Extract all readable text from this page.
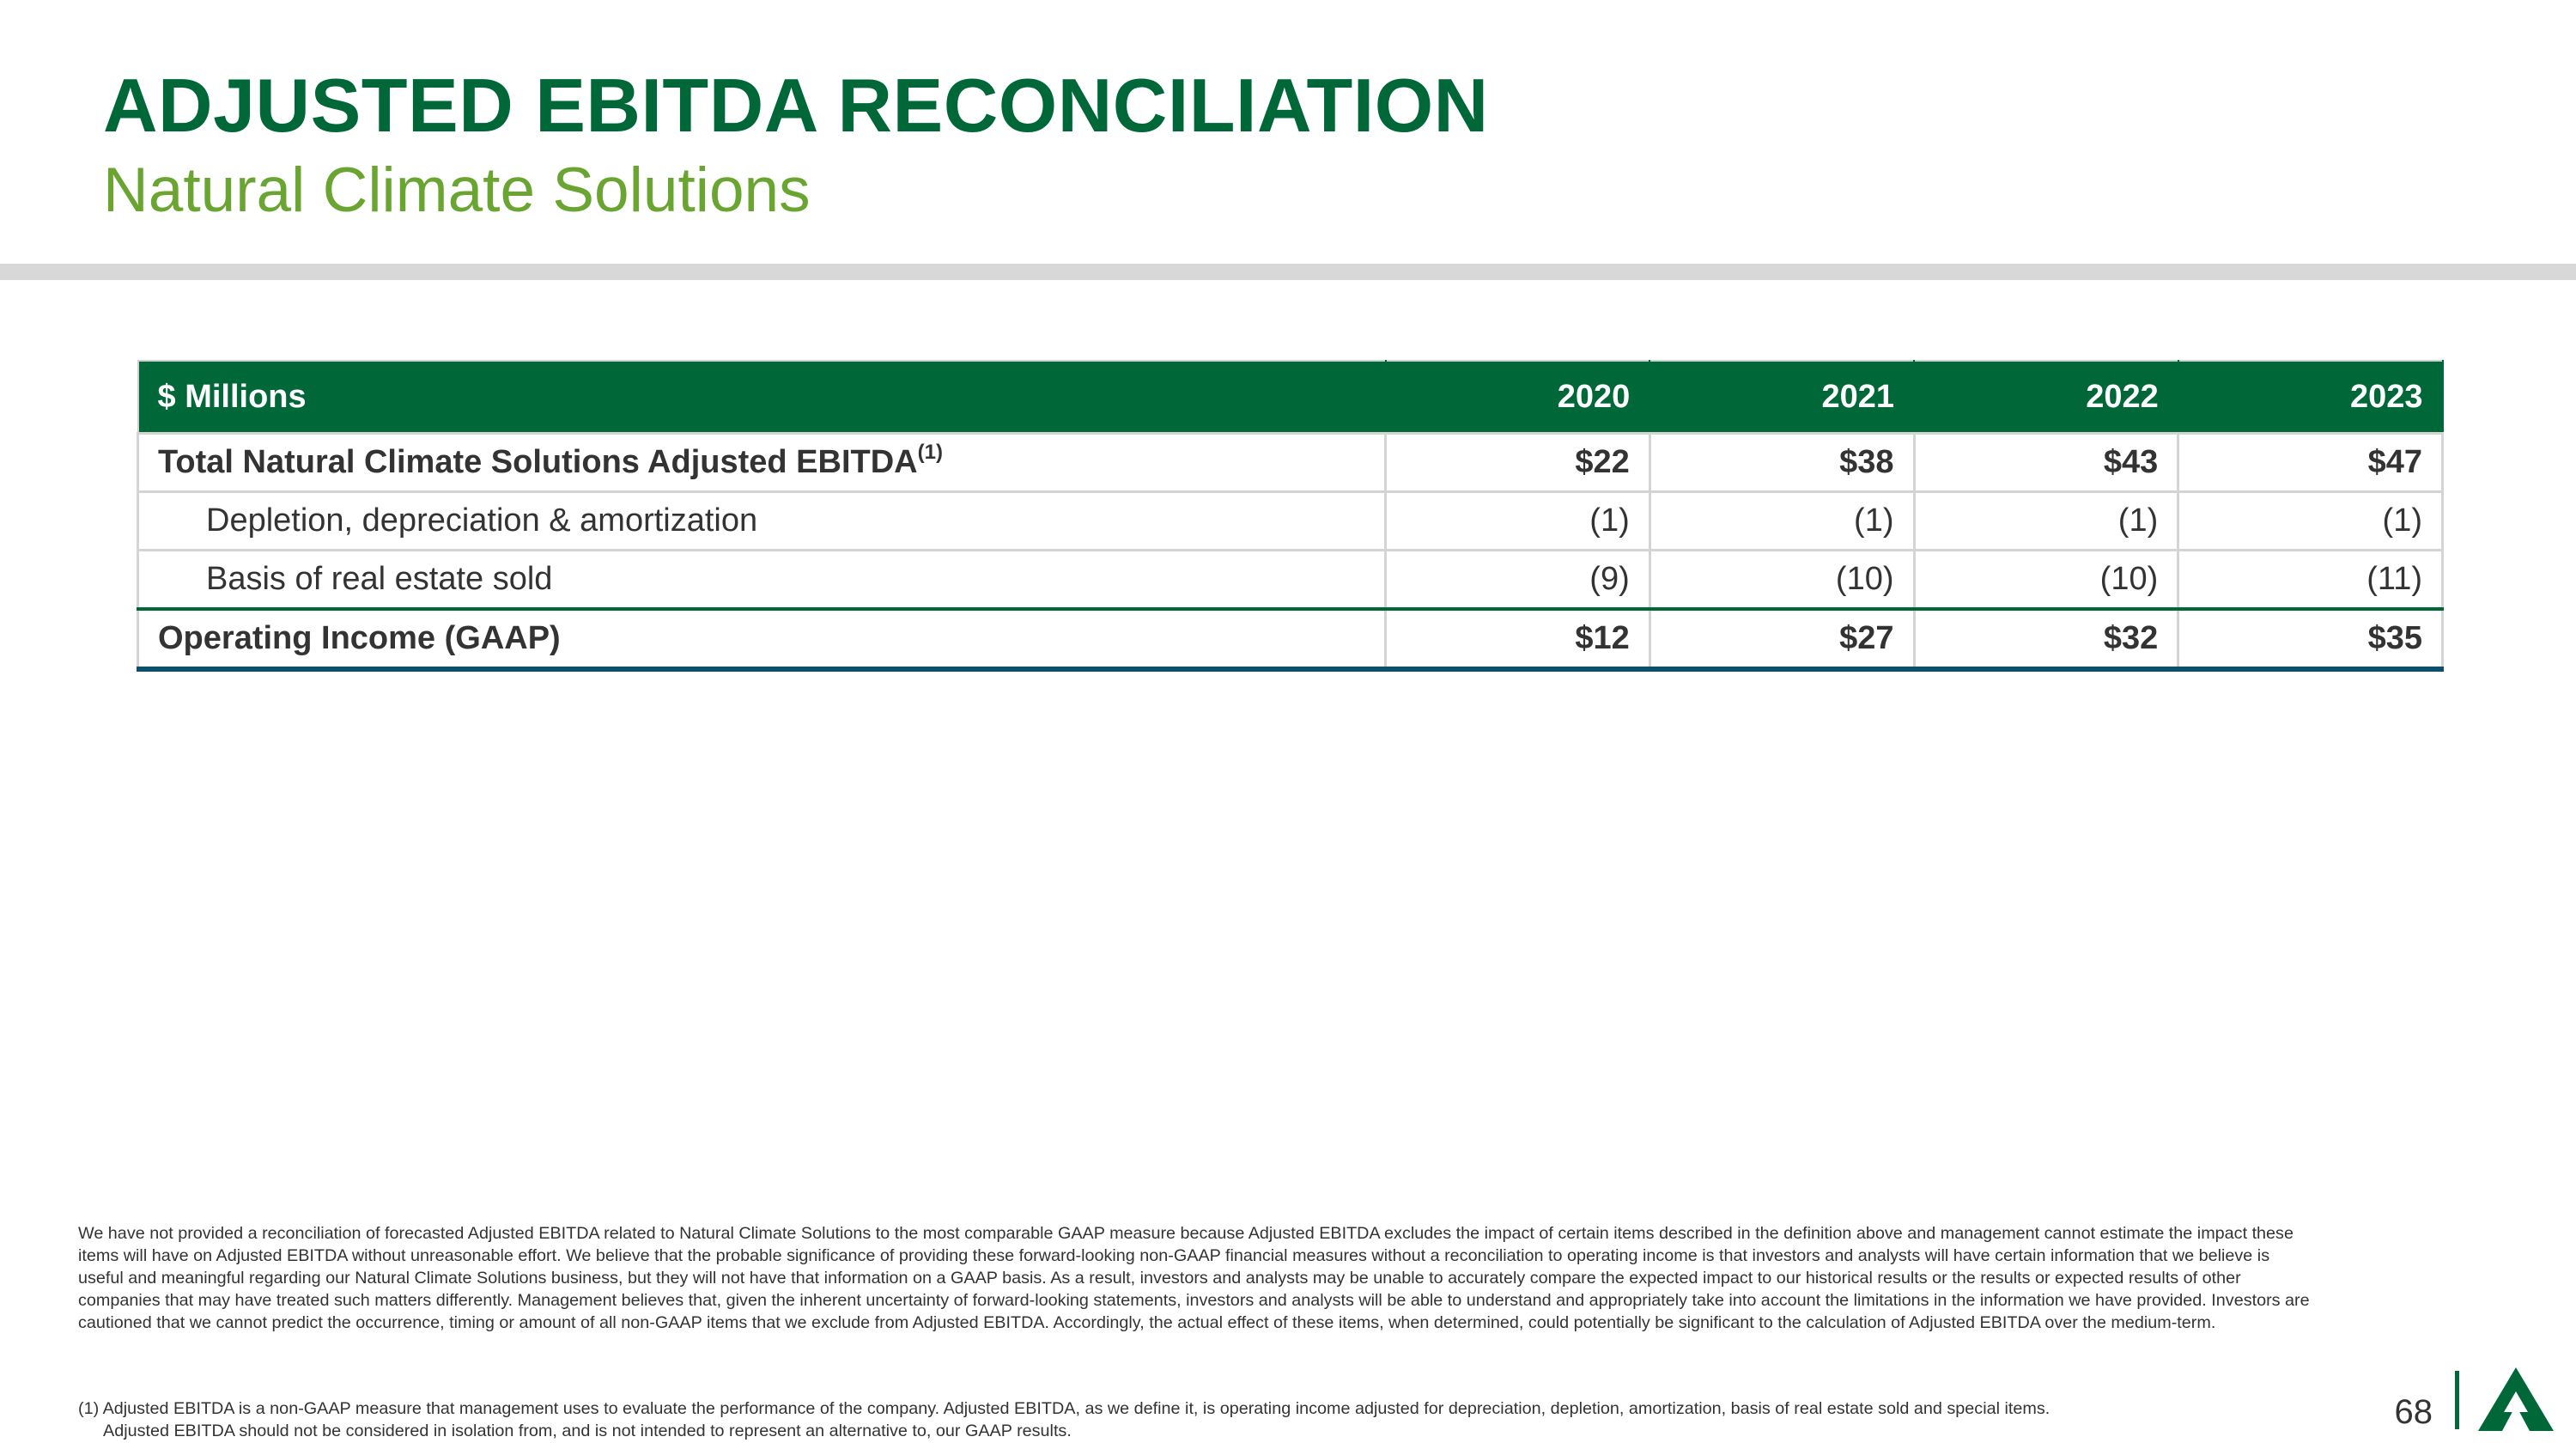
ADJUSTED EBITDA RECONCILIATION
Natural Climate Solutions
$ Millions	2020	2021	2022	2023
Total Natural Climate Solutions Adjusted EBITDA$^{(1)}$	$22	$38	$43	$47
Depletion, depreciation & amortization	(1)	(1)	(1)	(1)
Basis of real estate sold	(9)	(10)	(10)	(11)
Operating Income (GAAP)	$12	$27	$32	$35
We have not provided a reconciliation of forecasted Adjusted EBITDA related to Natural Climate Solutions to the most comparable GAAP measure because Adjusted EBITDA excludes the impact of certain items described in the definition above and management cannot estimate the impact these items will have on Adjusted EBITDA without unreasonable effort. We believe that the probable significance of providing these forward-looking non-GAAP financial measures without a reconciliation to operating income is that investors and analysts will have certain information that we believe is useful and meaningful regarding our Natural Climate Solutions business, but they will not have that information on a GAAP basis. As a result, investors and analysts may be unable to accurately compare the expected impact to our historical results or the results or expected results of other companies that may have treated such matters differently. Management believes that, given the inherent uncertainty of forward-looking statements, investors and analysts will be able to understand and appropriately take into account the limitations in the information we have provided. Investors are cautioned that we cannot predict the occurrence, timing or amount of all non-GAAP items that we exclude from Adjusted EBITDA. Accordingly, the actual effect of these items, when determined, could potentially be significant to the calculation of Adjusted EBITDA over the medium-term.
(1) Adjusted EBITDA is a non-GAAP measure that management uses to evaluate the performance of the company. Adjusted EBITDA, as we define it, is operating income adjusted for depreciation, depletion, amortization, basis of real estate sold and special items.
Adjusted EBITDA should not be considered in isolation from, and is not intended to represent an alternative to, our GAAP results.	68
